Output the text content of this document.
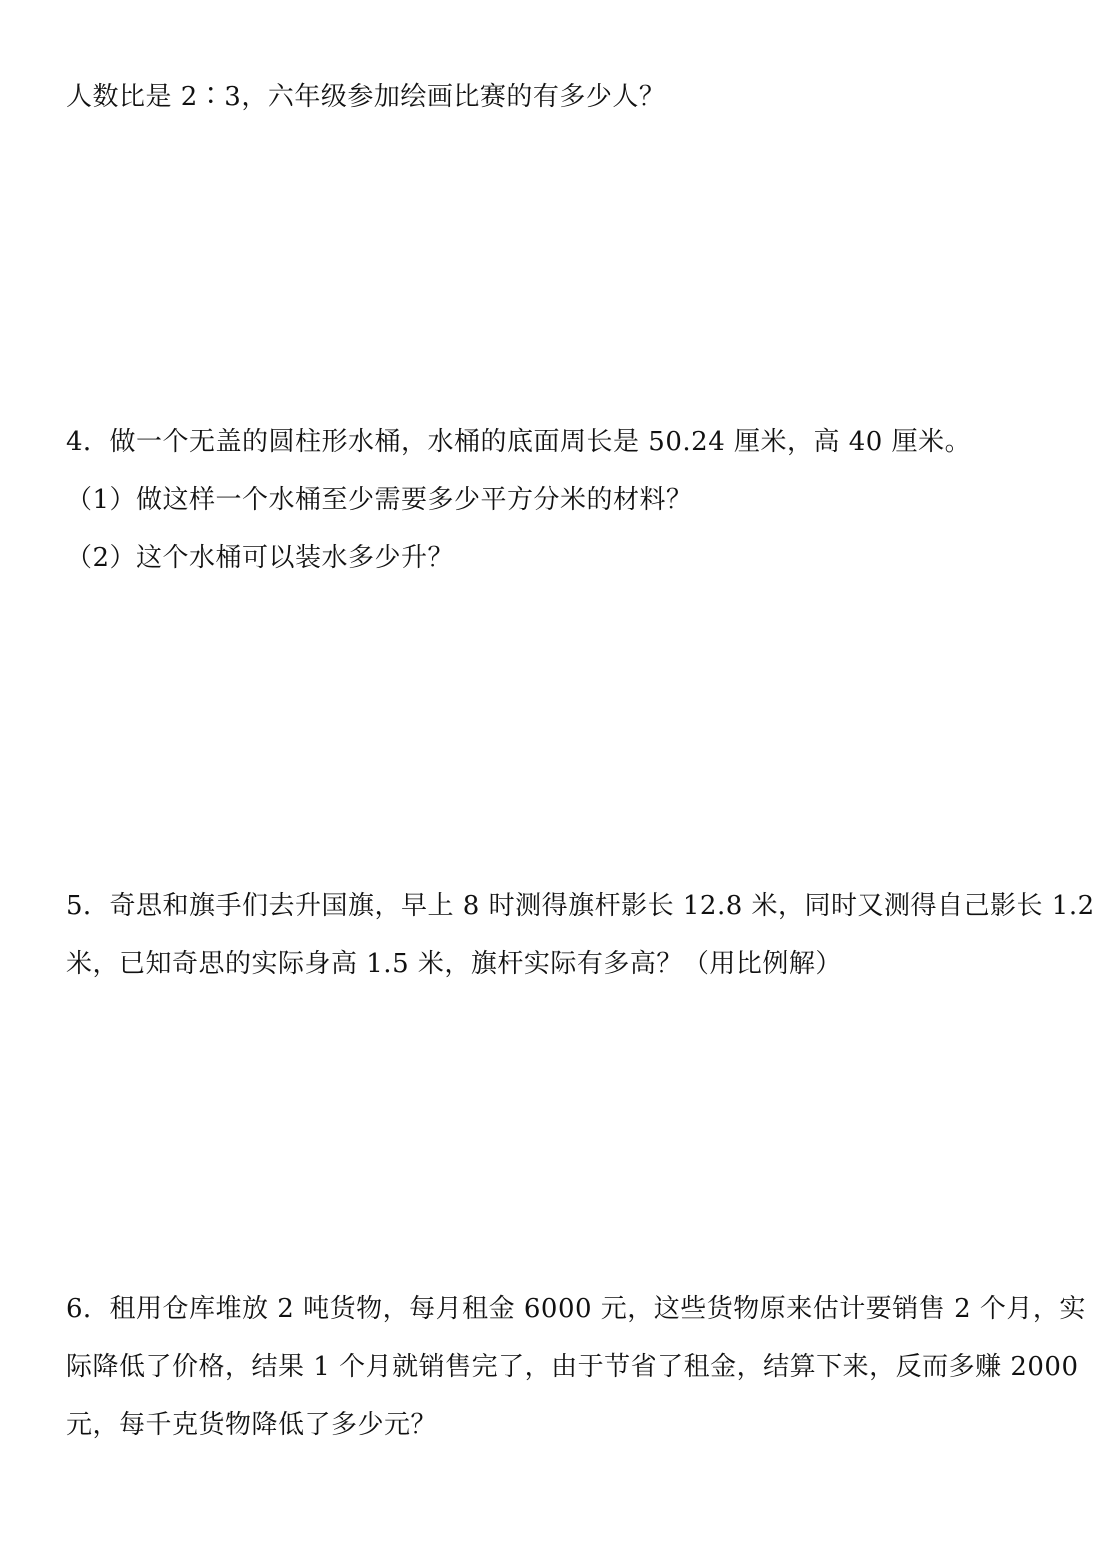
人数比是 2∶3，六年级参加绘画比赛的有多少人？
4．做一个无盖的圆柱形水桶，水桶的底面周长是 50.24 厘米，高 40 厘米。
（1）做这样一个水桶至少需要多少平方分米的材料？
（2）这个水桶可以装水多少升？
5．奇思和旗手们去升国旗，早上 8 时测得旗杆影长 12.8 米，同时又测得自己影长 1.2
米，已知奇思的实际身高 1.5 米，旗杆实际有多高？（用比例解）
6．租用仓库堆放 2 吨货物，每月租金 6000 元，这些货物原来估计要销售 2 个月，实
际降低了价格，结果 1 个月就销售完了，由于节省了租金，结算下来，反而多赚 2000
元，每千克货物降低了多少元？
